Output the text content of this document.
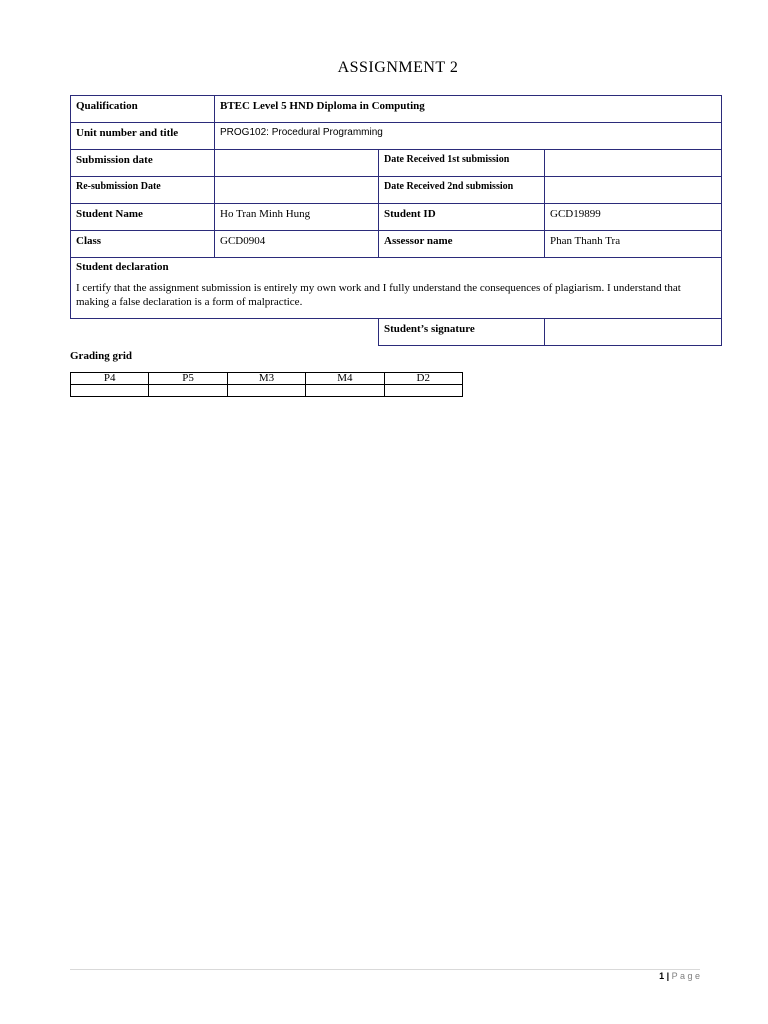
ASSIGNMENT 2
Qualification	BTEC Level 5 HND Diploma in Computing		
Unit number and title	PROG102: Procedural Programming		
Submission date		Date Received 1st submission	
Re-submission Date		Date Received 2nd submission	
Student Name	Ho Tran Minh Hung	Student ID	GCD19899
Class	GCD0904	Assessor name	Phan Thanh Tra

Student declaration
I certify that the assignment submission is entirely my own work and I fully understand the consequences of plagiarism. I understand that making a false declaration is a form of malpractice.			

		Student’s signature	
Grading grid
P4	P5	M3	M4	D2

1 | P a g e
